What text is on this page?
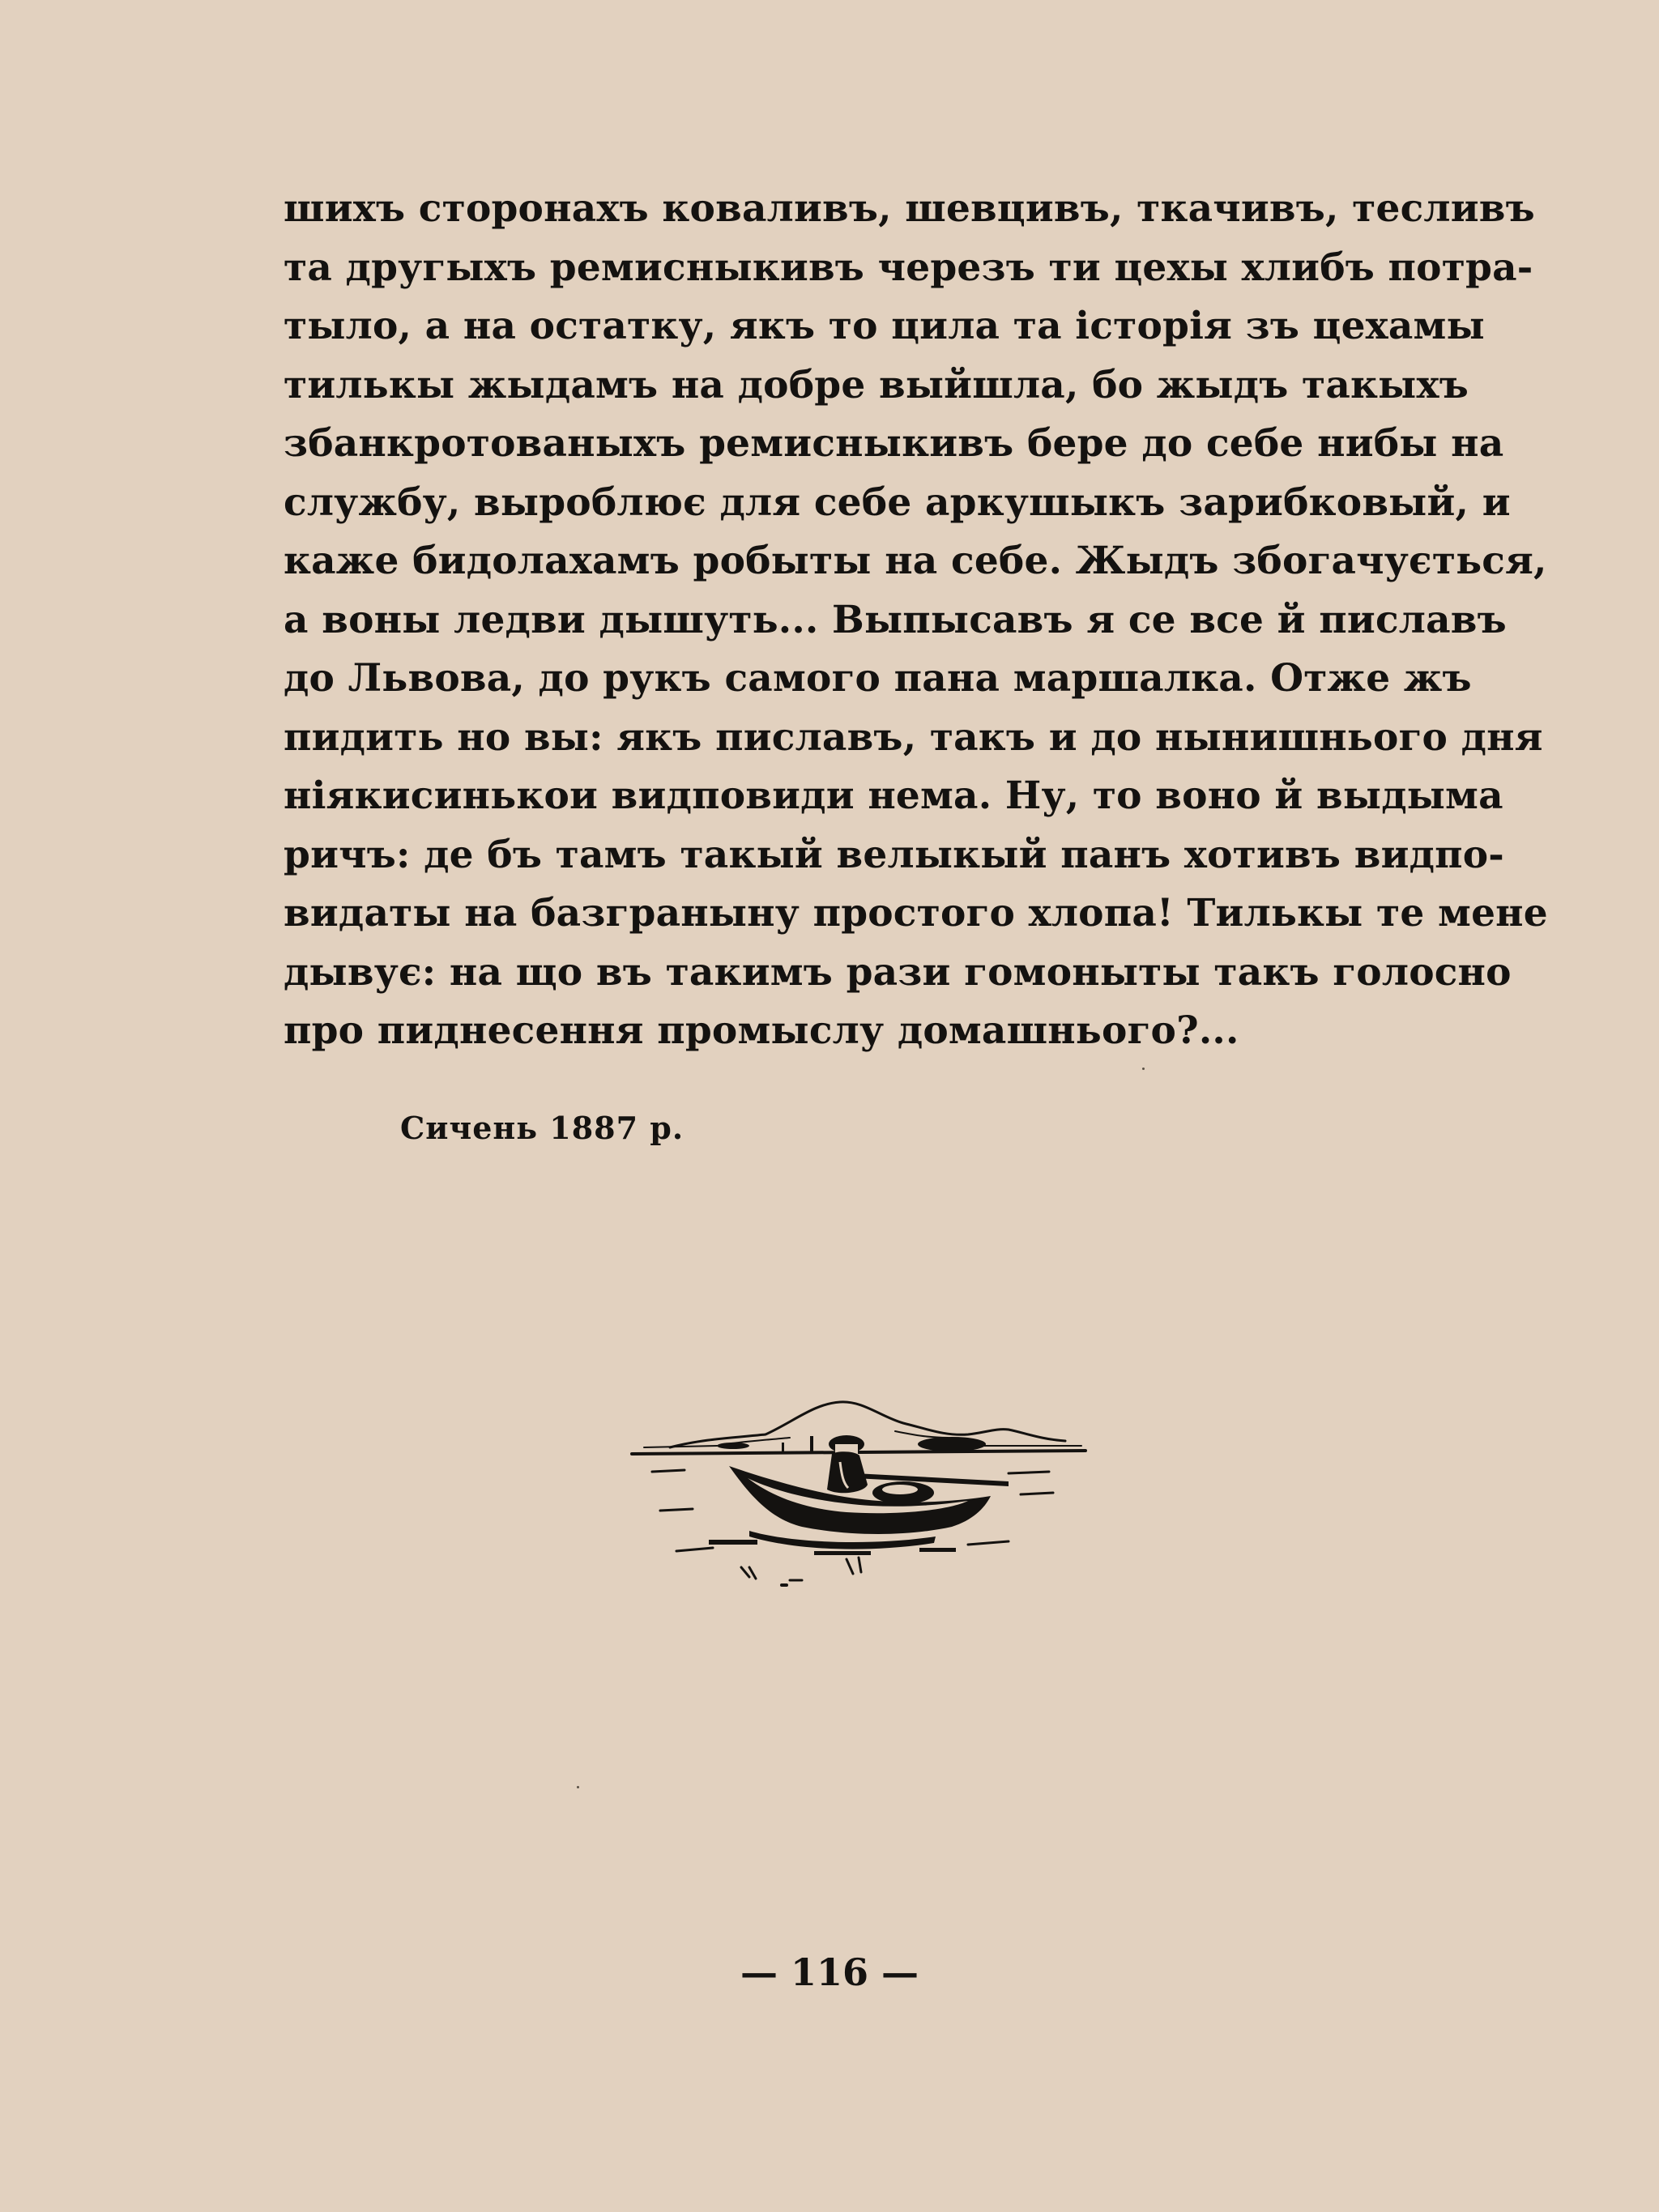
шихъ сторонахъ коваливъ, шевцивъ, ткачивъ, тесливъ
та другыхъ ремисныкивъ черезъ ти цехы хлибъ потра-
тыло, а на остатку, якъ то цила та історія зъ цехамы
тилькы жыдамъ на добре выйшла, бо жыдъ такыхъ
збанкротованыхъ ремисныкивъ бере до себе нибы на
службу, выроблює для себе аркушыкъ зарибковый, и
каже бидолахамъ робыты на себе. Жыдъ збогачується,
а воны ледви дышуть... Выпысавъ я се все й пиславъ
до Львова, до рукъ самого пана маршалка. Отже жъ
пидить но вы: якъ пиславъ, такъ и до нынишнього дня
ніякисинькои видповиди нема. Ну, то воно й выдыма
ричъ: де бъ тамъ такый велыкый панъ хотивъ видпо-
видаты на базграныну простого хлопа! Тилькы те мене
дывує: на що въ такимъ рази гомоныты такъ голосно
про пиднесення промыслу домашнього?...
Сичень 1887 р.
— 116 —
